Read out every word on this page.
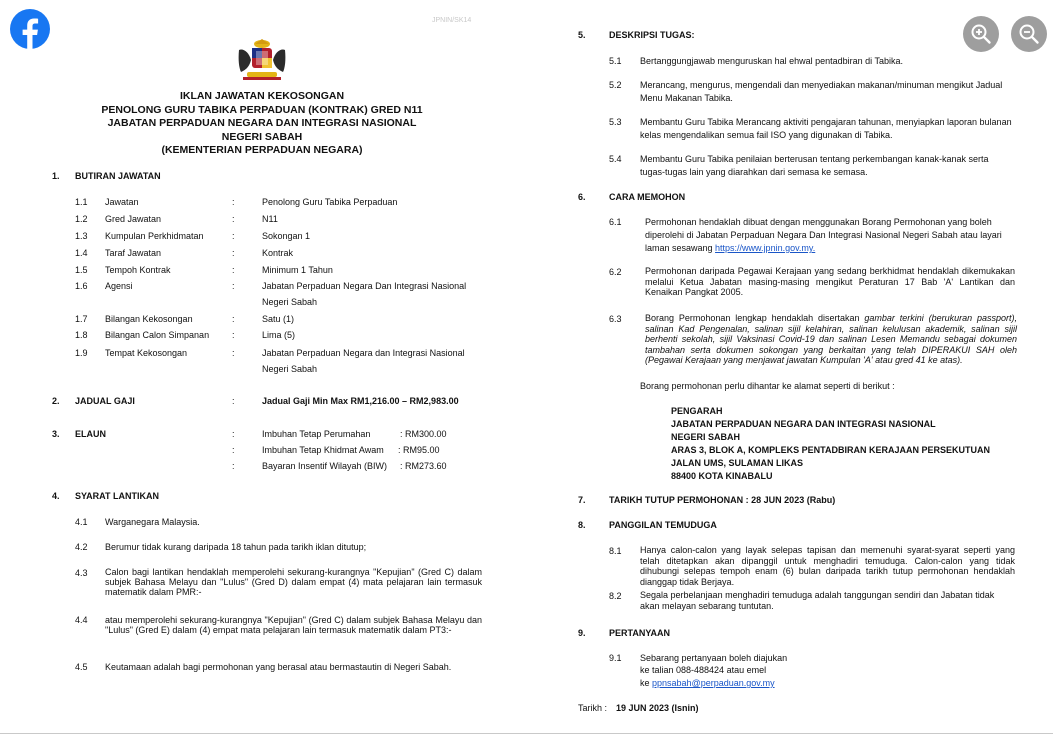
JPNIN/SK14
IKLAN JAWATAN KEKOSONGAN
PENOLONG GURU TABIKA PERPADUAN (KONTRAK) GRED N11
JABATAN PERPADUAN NEGARA DAN INTEGRASI NASIONAL
NEGERI SABAH
(KEMENTERIAN PERPADUAN NEGARA)
1. BUTIRAN JAWATAN
1.1 Jawatan	:	Penolong Guru Tabika Perpaduan
1.2 Gred Jawatan	:	N11
1.3 Kumpulan Perkhidmatan	:	Sokongan 1
1.4 Taraf Jawatan	:	Kontrak
1.5 Tempoh Kontrak	:	Minimum 1 Tahun
1.6 Agensi	:	Jabatan Perpaduan Negara Dan Integrasi Nasional
Negeri Sabah
1.7 Bilangan Kekosongan	:	Satu (1)
1.8 Bilangan Calon Simpanan	:	Lima (5)
1.9 Tempat Kekosongan	:	Jabatan Perpaduan Negara dan Integrasi Nasional
Negeri Sabah
2. JADUAL GAJI	:	Jadual Gaji Min Max RM1,216.00 – RM2,983.00
3. ELAUN	:	Imbuhan Tetap Perumahan	: RM300.00
:	Imbuhan Tetap Khidmat Awam : RM95.00
:	Bayaran Insentif Wilayah (BIW) : RM273.60
4. SYARAT LANTIKAN
4.1 Warganegara Malaysia.
4.2 Berumur tidak kurang daripada 18 tahun pada tarikh iklan ditutup;
4.3 Calon bagi lantikan hendaklah memperolehi sekurang-kurangnya "Kepujian" (Gred C) dalam subjek Bahasa Melayu dan "Lulus" (Gred D) dalam empat (4) mata pelajaran lain termasuk matematik dalam PMR:-
4.4 atau memperolehi sekurang-kurangnya "Kepujian" (Gred C) dalam subjek Bahasa Melayu dan "Lulus" (Gred E) dalam (4) empat mata pelajaran lain termasuk matematik dalam PT3:-
4.5 Keutamaan adalah bagi permohonan yang berasal atau bermastautin di Negeri Sabah.
5.	DESKRIPSI TUGAS:
5.1 Bertanggungjawab menguruskan hal ehwal pentadbiran di Tabika.
5.2 Merancang, mengurus, mengendali dan menyediakan makanan/minuman mengikut Jadual Menu Makanan Tabika.
5.3 Membantu Guru Tabika Merancang aktiviti pengajaran tahunan, menyiapkan laporan bulanan kelas mengendalikan semua fail ISO yang digunakan di Tabika.
5.4 Membantu Guru Tabika penilaian berterusan tentang perkembangan kanak-kanak serta tugas-tugas lain yang diarahkan dari semasa ke semasa.
6.	CARA MEMOHON
6.1	Permohonan hendaklah dibuat dengan menggunakan Borang Permohonan yang boleh diperolehi di Jabatan Perpaduan Negara Dan Integrasi Nasional Negeri Sabah atau layari laman sesawang https://www.jpnin.gov.my.
6.2	Permohonan daripada Pegawai Kerajaan yang sedang berkhidmat hendaklah dikemukakan melalui Ketua Jabatan masing-masing mengikut Peraturan 17 Bab 'A' Lantikan dan Kenaikan Pangkat 2005.
6.3	Borang Permohonan lengkap hendaklah disertakan gambar terkini (berukuran passport), salinan Kad Pengenalan, salinan sijil kelahiran, salinan kelulusan akademik, salinan sijil berhenti sekolah, sijil Vaksinasi Covid-19 dan salinan Lesen Memandu sebagai dokumen tambahan serta dokumen sokongan yang berkaitan yang telah DIPERAKUI SAH oleh (Pegawai Kerajaan yang menjawat jawatan Kumpulan 'A' atau gred 41 ke atas).
Borang permohonan perlu dihantar ke alamat seperti di berikut :
PENGARAH
JABATAN PERPADUAN NEGARA DAN INTEGRASI NASIONAL
NEGERI SABAH
ARAS 3, BLOK A, KOMPLEKS PENTADBIRAN KERAJAAN PERSEKUTUAN
JALAN UMS, SULAMAN LIKAS
88400 KOTA KINABALU
7.	TARIKH TUTUP PERMOHONAN : 28 JUN 2023 (Rabu)
8.	PANGGILAN TEMUDUGA
8.1 Hanya calon-calon yang layak selepas tapisan dan memenuhi syarat-syarat seperti yang telah ditetapkan akan dipanggil untuk menghadiri temuduga. Calon-calon yang tidak dihubungi selepas tempoh enam (6) bulan daripada tarikh tutup permohonan hendaklah dianggap tidak Berjaya.
8.2 Segala perbelanjaan menghadiri temuduga adalah tanggungan sendiri dan Jabatan tidak akan melayan sebarang tuntutan.
9.	PERTANYAAN
9.1 Sebarang pertanyaan boleh diajukan
ke talian 088-488424 atau emel
ke ppnsabah@perpaduan.gov.my
Tarikh : 19 JUN 2023 (Isnin)
